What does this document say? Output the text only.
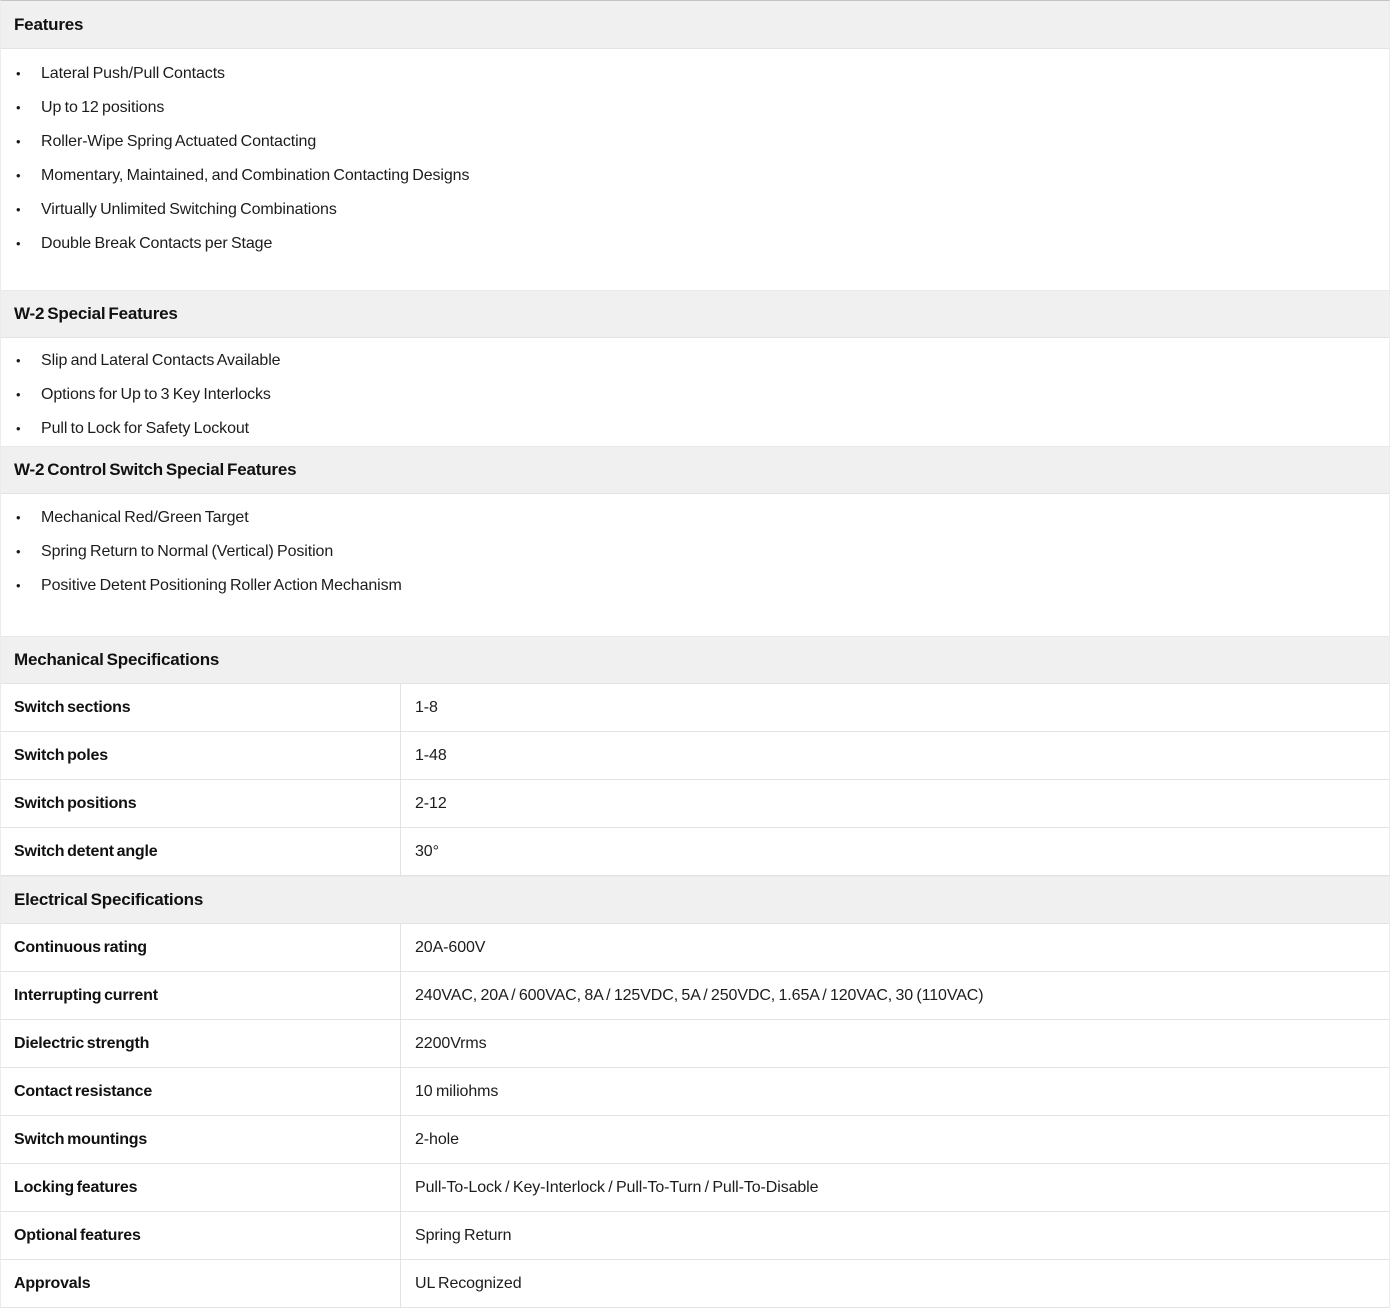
Features
•
Lateral Push/Pull Contacts
•
Up to 12 positions
•
Roller-Wipe Spring Actuated Contacting
•
Momentary, Maintained, and Combination Contacting Designs
•
Virtually Unlimited Switching Combinations
•
Double Break Contacts per Stage
W-2 Special Features
•
Slip and Lateral Contacts Available
•
Options for Up to 3 Key Interlocks
•
Pull to Lock for Safety Lockout
W-2 Control Switch Special Features
•
Mechanical Red/Green Target
•
Spring Return to Normal (Vertical) Position
•
Positive Detent Positioning Roller Action Mechanism
Mechanical Specifications
Switch sections	1-8
Switch poles	1-48
Switch positions	2-12
Switch detent angle	30°
Electrical Specifications
Continuous rating	20A-600V
Interrupting current	240VAC, 20A / 600VAC, 8A / 125VDC, 5A / 250VDC, 1.65A / 120VAC, 30 (110VAC)
Dielectric strength	2200Vrms
Contact resistance	10 miliohms
Switch mountings	2-hole
Locking features	Pull-To-Lock / Key-Interlock / Pull-To-Turn / Pull-To-Disable
Optional features	Spring Return
Approvals	UL Recognized
